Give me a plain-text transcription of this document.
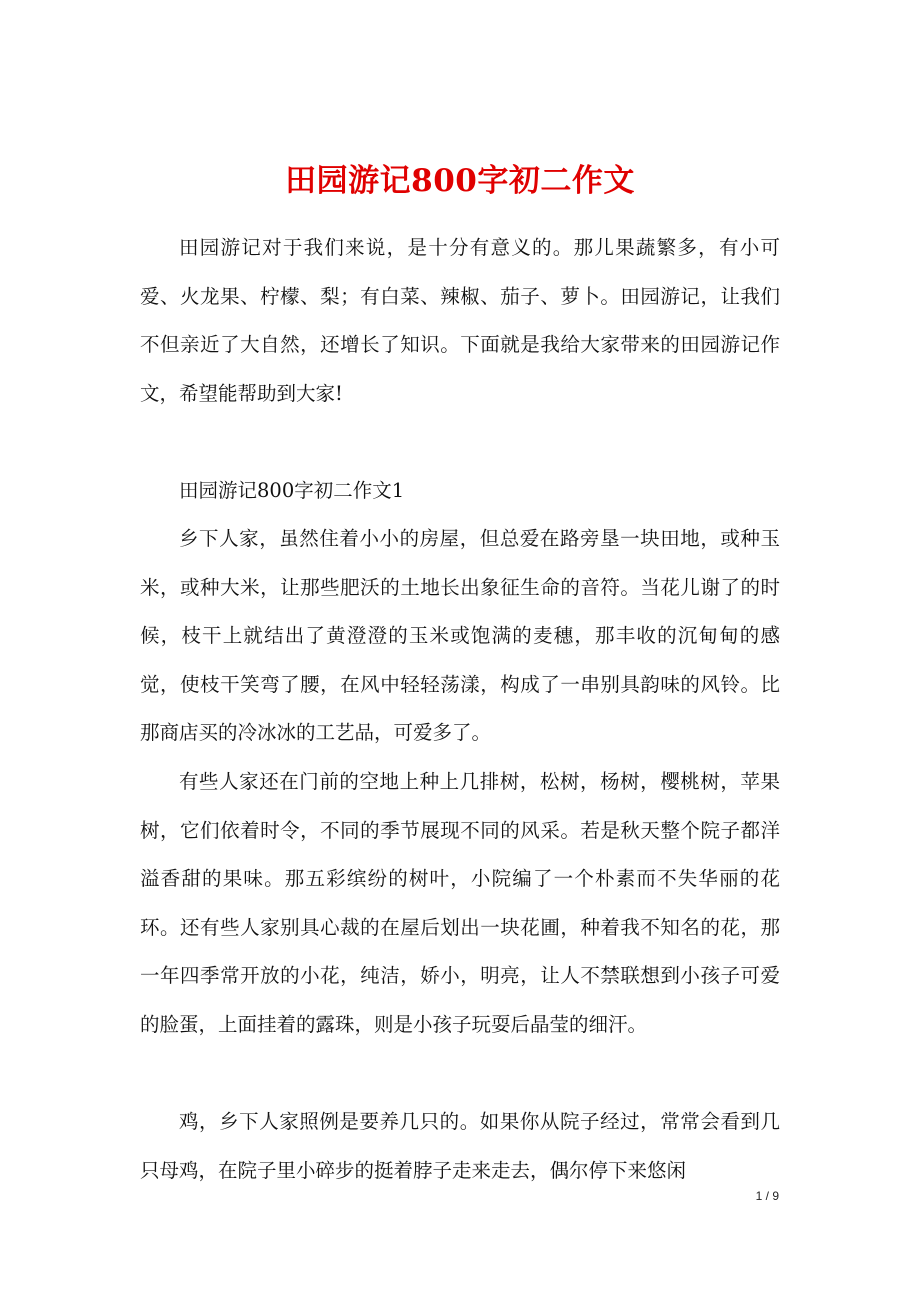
田园游记800字初二作文

田园游记对于我们来说，是十分有意义的。那儿果蔬繁多，有小可爱、火龙果、柠檬、梨；有白菜、辣椒、茄子、萝卜。田园游记，让我们不但亲近了大自然，还增长了知识。下面就是我给大家带来的田园游记作文，希望能帮助到大家!

田园游记800字初二作文1

乡下人家，虽然住着小小的房屋，但总爱在路旁垦一块田地，或种玉米，或种大米，让那些肥沃的土地长出象征生命的音符。当花儿谢了的时候，枝干上就结出了黄澄澄的玉米或饱满的麦穗，那丰收的沉甸甸的感觉，使枝干笑弯了腰，在风中轻轻荡漾，构成了一串别具韵味的风铃。比那商店买的冷冰冰的工艺品，可爱多了。

有些人家还在门前的空地上种上几排树，松树，杨树，樱桃树，苹果树，它们依着时令，不同的季节展现不同的风采。若是秋天整个院子都洋溢香甜的果味。那五彩缤纷的树叶，小院编了一个朴素而不失华丽的花环。还有些人家别具心裁的在屋后划出一块花圃，种着我不知名的花，那一年四季常开放的小花，纯洁，娇小，明亮，让人不禁联想到小孩子可爱的脸蛋，上面挂着的露珠，则是小孩子玩耍后晶莹的细汗。

鸡，乡下人家照例是要养几只的。如果你从院子经过，常常会看到几只母鸡，在院子里小碎步的挺着脖子走来走去，偶尔停下来悠闲

1 / 9
